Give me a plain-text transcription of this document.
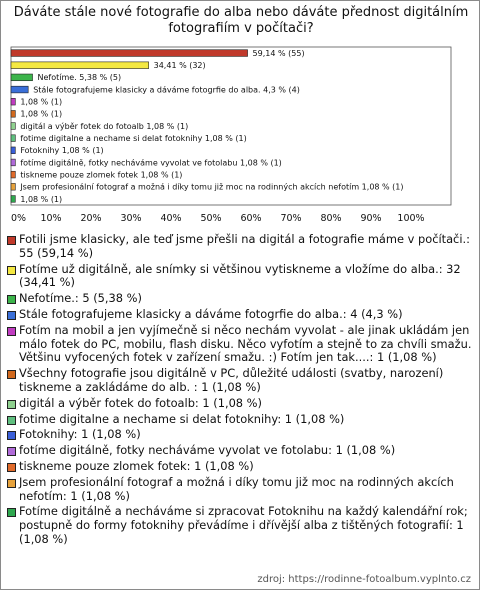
Dáváte stále nové fotografie do alba nebo dáváte přednost digitálním fotografiím v počítači?
59,14 % (55)
34,41 % (32)
Nefotíme. 5,38 % (5)
Stále fotografujeme klasicky a dáváme fotogrfie do alba. 4,3 % (4)
1,08 % (1)
1,08 % (1)
digitál a výběr fotek do fotoalb 1,08 % (1)
fotime digitalne a nechame si delat fotoknihy 1,08 % (1)
Fotoknihy 1,08 % (1)
fotíme digitálně, fotky necháváme vyvolat ve fotolabu 1,08 % (1)
tiskneme pouze zlomek fotek 1,08 % (1)
Jsem profesionální fotograf a možná i díky tomu již moc na rodinných akcích nefotím 1,08 % (1)
1,08 % (1)
0% 10% 20% 30% 40% 50% 60% 70% 80% 90% 100%
Fotili jsme klasicky, ale teď jsme přešli na digitál a fotografie máme v počítači.: 55 (59,14 %)
Fotíme už digitálně, ale snímky si většinou vytiskneme a vložíme do alba.: 32 (34,41 %)
Nefotíme.: 5 (5,38 %)
Stále fotografujeme klasicky a dáváme fotogrfie do alba.: 4 (4,3 %)
Fotím na mobil a jen vyjímečně si něco nechám vyvolat - ale jinak ukládám jen málo fotek do PC, mobilu, flash disku. Něco vyfotím a stejně to za chvíli smažu. Většinu vyfocených fotek v zařízení smažu. :) Fotím jen tak....: 1 (1,08 %)
Všechny fotografie jsou digitálně v PC, důležité události (svatby, narození) tiskneme a zakládáme do alb. : 1 (1,08 %)
digitál a výběr fotek do fotoalb: 1 (1,08 %)
fotime digitalne a nechame si delat fotoknihy: 1 (1,08 %)
Fotoknihy: 1 (1,08 %)
fotíme digitálně, fotky necháváme vyvolat ve fotolabu: 1 (1,08 %)
tiskneme pouze zlomek fotek: 1 (1,08 %)
Jsem profesionální fotograf a možná i díky tomu již moc na rodinných akcích nefotím: 1 (1,08 %)
Fotíme digitálně a necháváme si zpracovat Fotoknihu na každý kalendářní rok; postupně do formy fotoknihy převádíme i dřívější alba z tištěných fotografií: 1 (1,08 %)
zdroj: https://rodinne-fotoalbum.vyplnto.cz
